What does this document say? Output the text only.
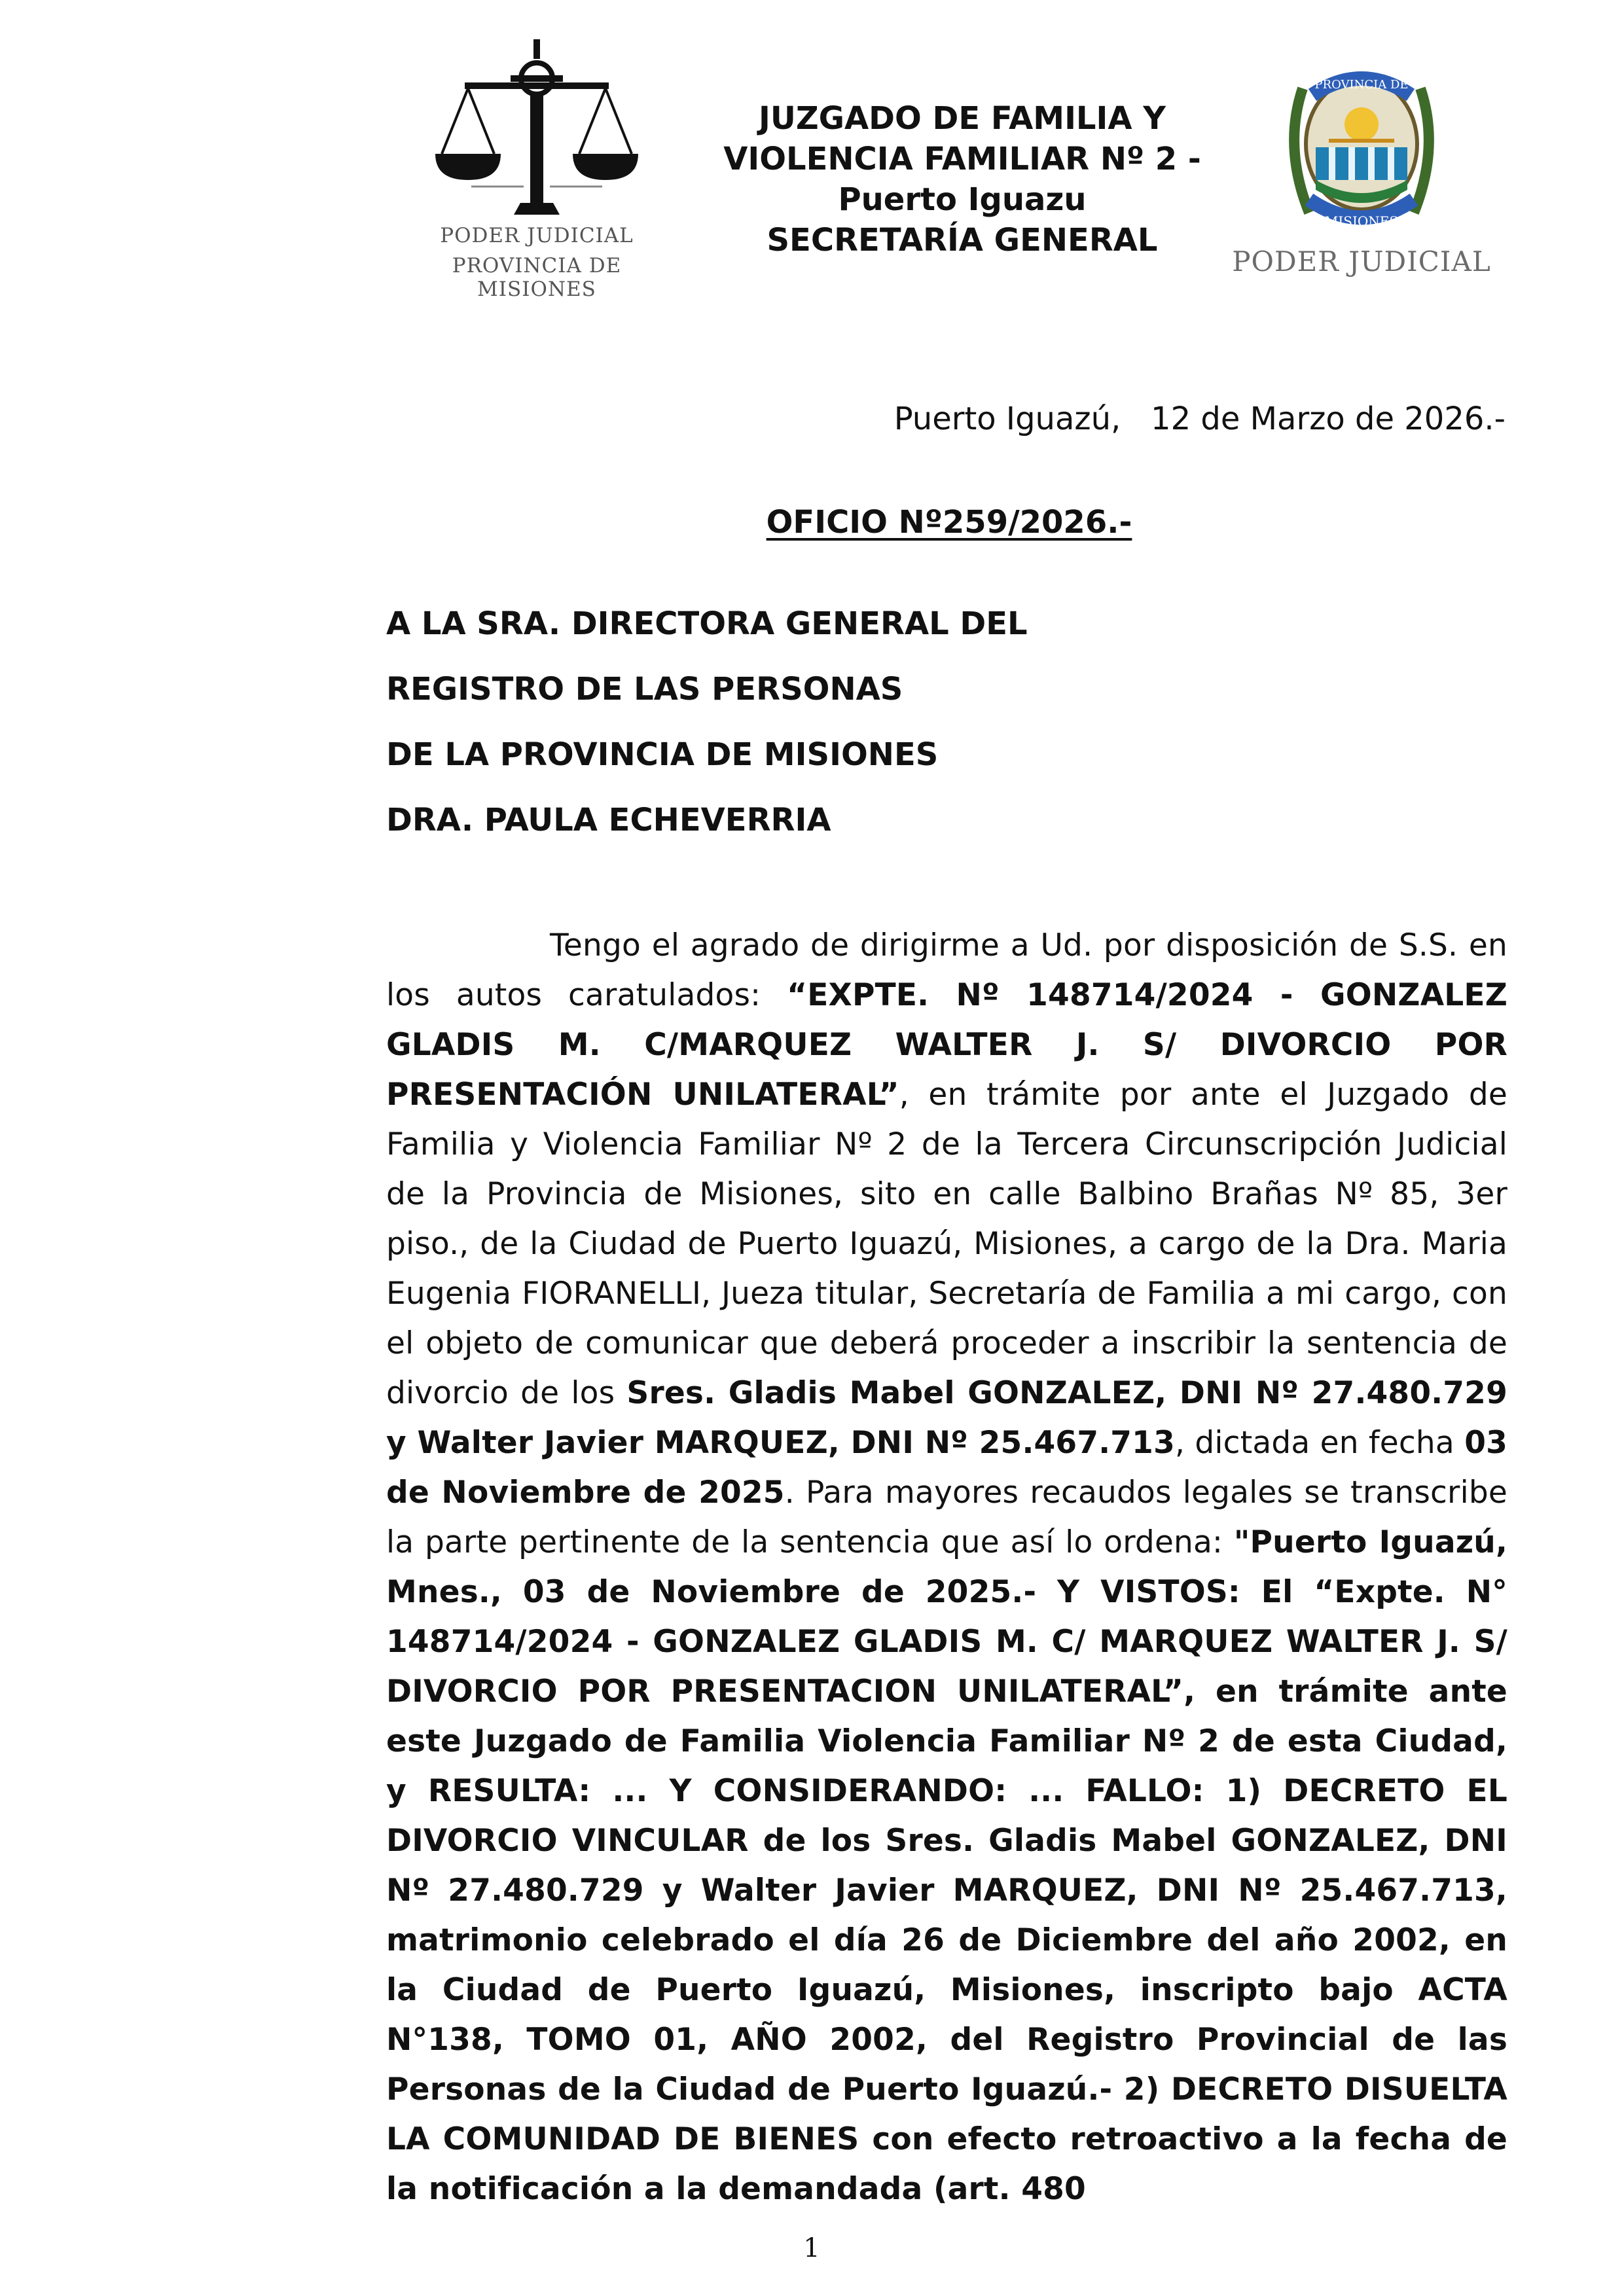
PODER JUDICIAL
PROVINCIA DE MISIONES
JUZGADO DE FAMILIA Y
VIOLENCIA FAMILIAR Nº 2 -
Puerto Iguazu
SECRETARÍA GENERAL
PROVINCIA DE
MISIONES
PODER JUDICIAL
Puerto Iguazú,   12 de Marzo de 2026.-
OFICIO Nº259/2026.-
A LA SRA. DIRECTORA GENERAL DEL
REGISTRO DE LAS PERSONAS
DE LA PROVINCIA DE MISIONES
DRA. PAULA ECHEVERRIA

Tengo el agrado de dirigirme a Ud. por disposición de S.S. en los autos caratulados: “EXPTE. Nº 148714/2024 - GONZALEZ GLADIS M. C/MARQUEZ WALTER J. S/ DIVORCIO POR PRESENTACIÓN UNILATERAL”, en trámite por ante el Juzgado de Familia y Violencia Familiar Nº 2 de la Tercera Circunscripción Judicial de la Provincia de Misiones, sito en calle Balbino Brañas Nº 85, 3er piso., de la Ciudad de Puerto Iguazú, Misiones, a cargo de la Dra. Maria Eugenia FIORANELLI, Jueza titular, Secretaría de Familia a mi cargo, con el objeto de comunicar que deberá proceder a inscribir la sentencia de divorcio de los Sres. Gladis Mabel GONZALEZ, DNI Nº 27.480.729 y Walter Javier MARQUEZ, DNI Nº 25.467.713, dictada en fecha 03 de Noviembre de 2025. Para mayores recaudos legales se transcribe la parte pertinente de la sentencia que así lo ordena: "Puerto Iguazú, Mnes., 03 de Noviembre de 2025.- Y VISTOS: El “Expte. N° 148714/2024 - GONZALEZ GLADIS M. C/ MARQUEZ WALTER J. S/ DIVORCIO POR PRESENTACION UNILATERAL”, en trámite ante este Juzgado de Familia Violencia Familiar Nº 2 de esta Ciudad, y RESULTA: ... Y CONSIDERANDO: ... FALLO: 1) DECRETO EL DIVORCIO VINCULAR de los Sres. Gladis Mabel GONZALEZ, DNI Nº 27.480.729 y Walter Javier MARQUEZ, DNI Nº 25.467.713, matrimonio celebrado el día 26 de Diciembre del año 2002, en la Ciudad de Puerto Iguazú, Misiones, inscripto bajo ACTA N°138, TOMO 01, AÑO 2002, del Registro Provincial de las Personas de la Ciudad de Puerto Iguazú.- 2) DECRETO DISUELTA LA COMUNIDAD DE BIENES con efecto retroactivo a la fecha de la notificación a la demandada (art. 480

1
